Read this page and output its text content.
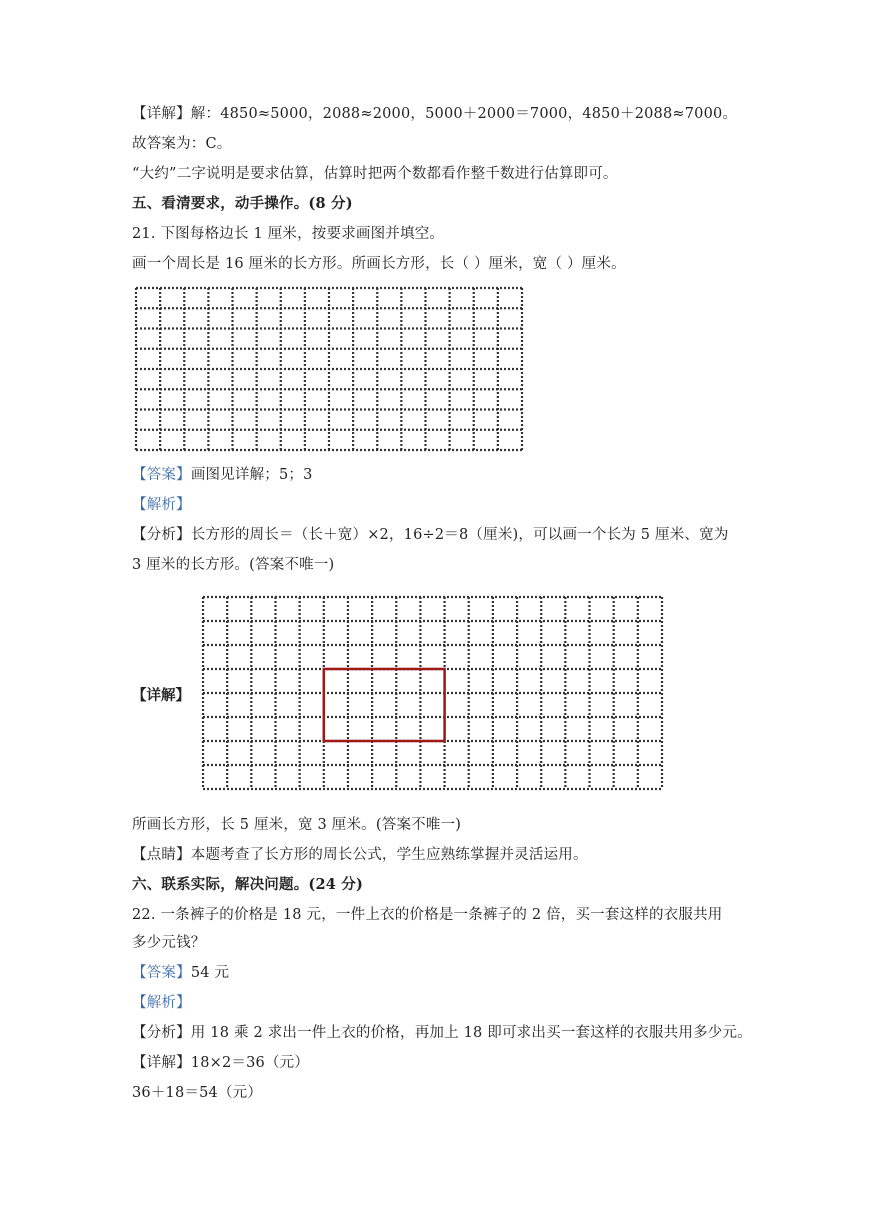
【详解】解：4850≈5000，2088≈2000，5000＋2000＝7000，4850＋2088≈7000。
故答案为：C。
“大约”二字说明是要求估算，估算时把两个数都看作整千数进行估算即可。
五、看清要求，动手操作。(8 分)
21. 下图每格边长 1 厘米，按要求画图并填空。
画一个周长是 16 厘米的长方形。所画长方形，长（ ）厘米，宽（ ）厘米。
【答案】画图见详解；5；3
【解析】
【分析】长方形的周长＝（长＋宽）×2，16÷2＝8（厘米)，可以画一个长为 5 厘米、宽为
3 厘米的长方形。(答案不唯一)
【详解】
所画长方形，长 5 厘米，宽 3 厘米。(答案不唯一)
【点睛】本题考查了长方形的周长公式，学生应熟练掌握并灵活运用。
六、联系实际，解决问题。(24 分)
22. 一条裤子的价格是 18 元，一件上衣的价格是一条裤子的 2 倍，买一套这样的衣服共用
多少元钱？
【答案】54 元
【解析】
【分析】用 18 乘 2 求出一件上衣的价格，再加上 18 即可求出买一套这样的衣服共用多少元。
【详解】18×2＝36（元）
36＋18＝54（元）
